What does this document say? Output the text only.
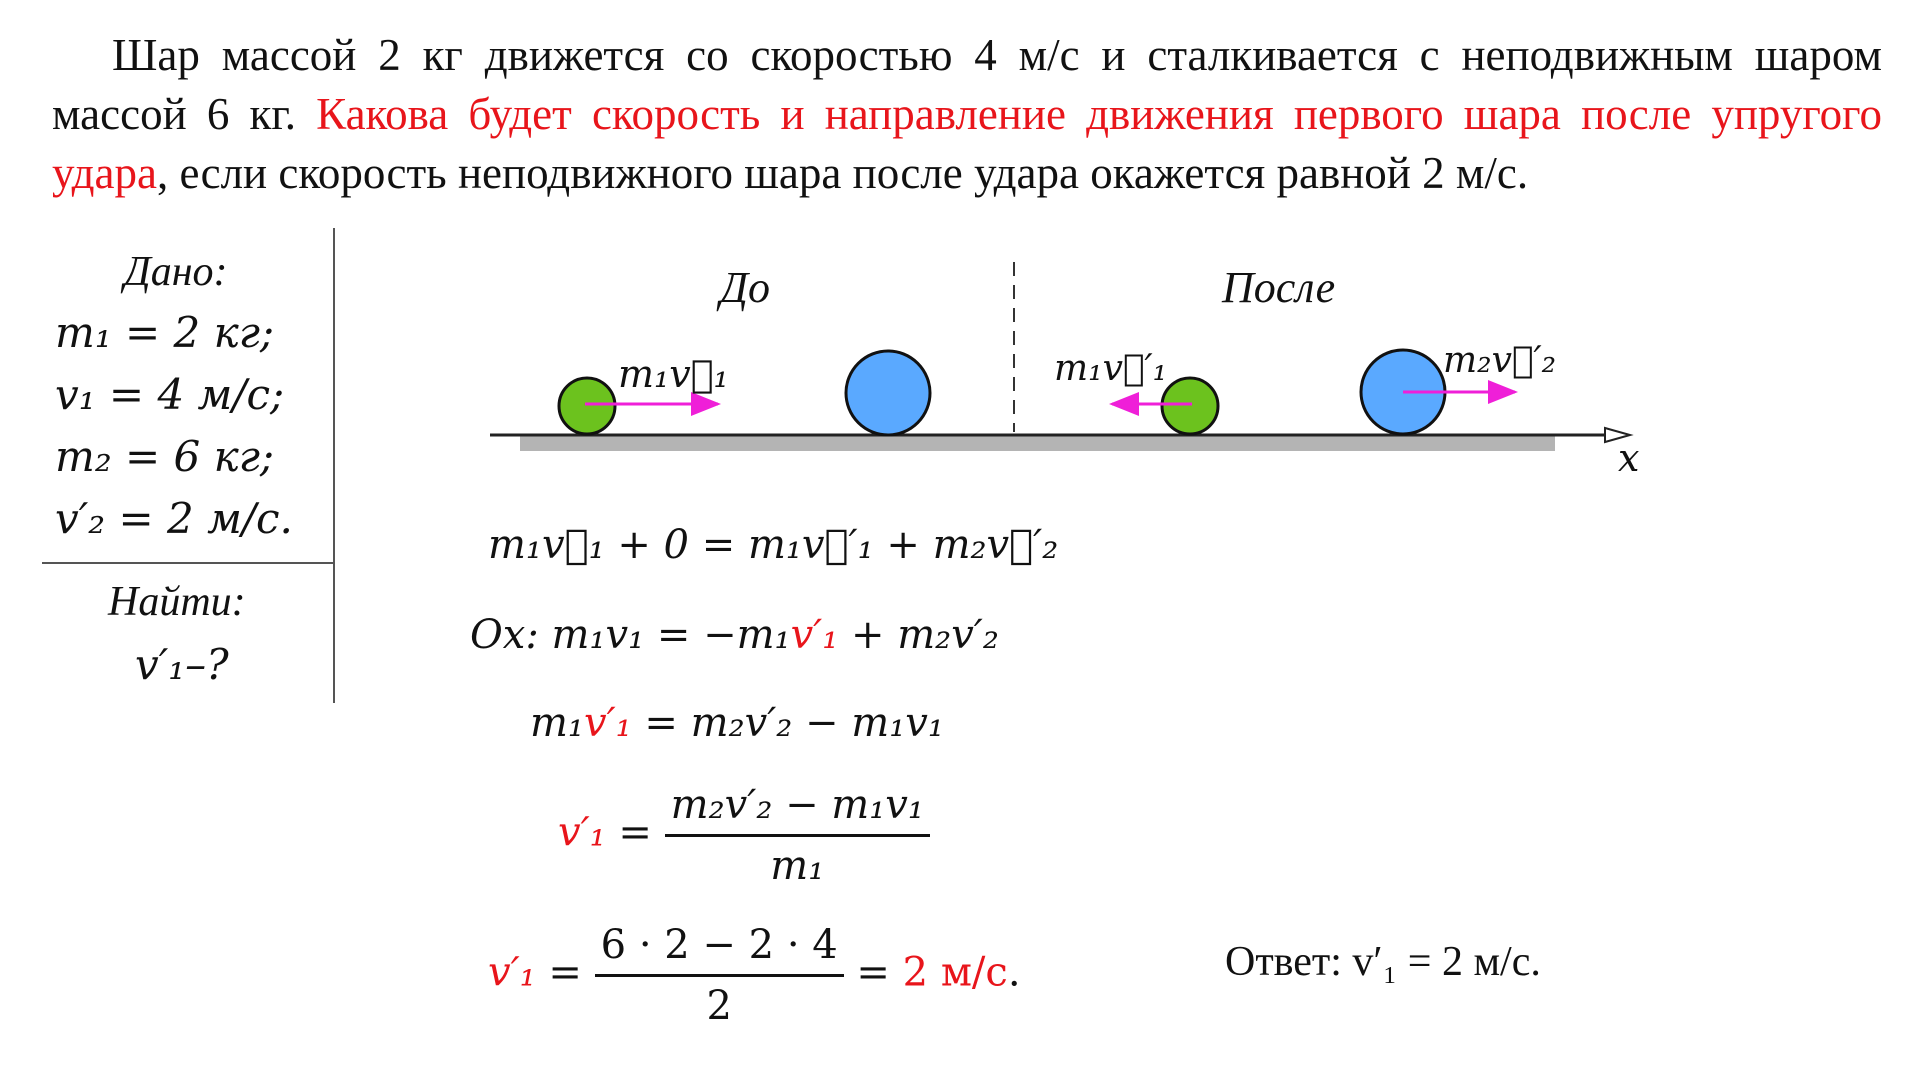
Шар массой 2 кг движется со скоростью 4 м/с и сталкивается с неподвижным шаром массой 6 кг. Какова будет скорость и направление движения первого шара после упругого удара, если скорость неподвижного шара после удара окажется равной 2 м/с.
Дано:
m₁ = 2 кг;
v₁ = 4 м/с;
m₂ = 6 кг;
v′₂ = 2 м/с.
Найти:
v′₁–?
До	После
m₁v⃗₁	m₁v⃗′₁	m₂v⃗′₂
x
m₁v⃗₁ + 0 = m₁v⃗′₁ + m₂v⃗′₂
Ox: m₁v₁ = −m₁v′₁ + m₂v′₂
m₁v′₁ = m₂v′₂ − m₁v₁
$v'_1 = \frac{\text{m₂v′₂ − m₁v₁}}{\text{m₁}}$
$v'_1 = \frac{6 \cdot 2 - 2 \cdot 4}{2} = 2$ м/с.	Ответ: v′₁ = 2 м/с.
